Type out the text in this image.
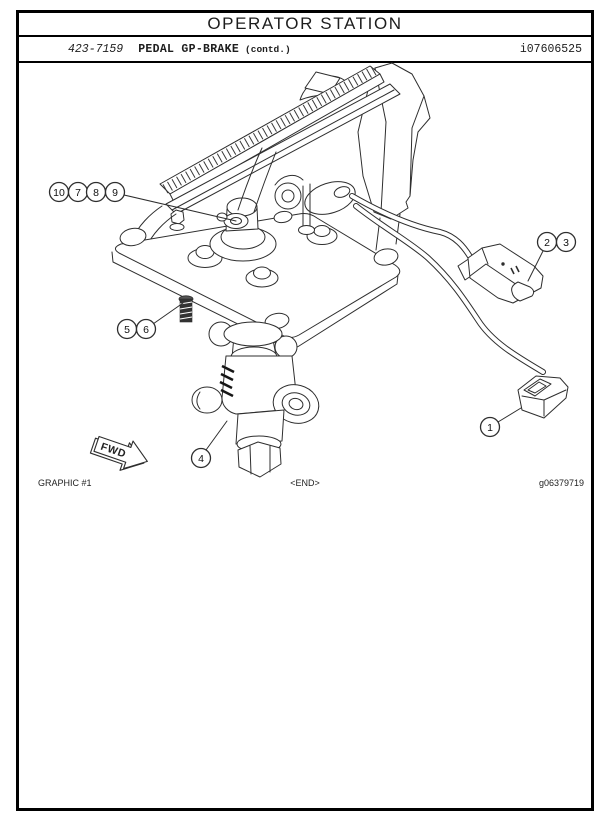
OPERATOR STATION
423-7159 PEDAL GP-BRAKE (contd.)	i07606525
10 7 8 9
5 6
2 3
4
1
FWD
GRAPHIC #1	<END>	g06379719
